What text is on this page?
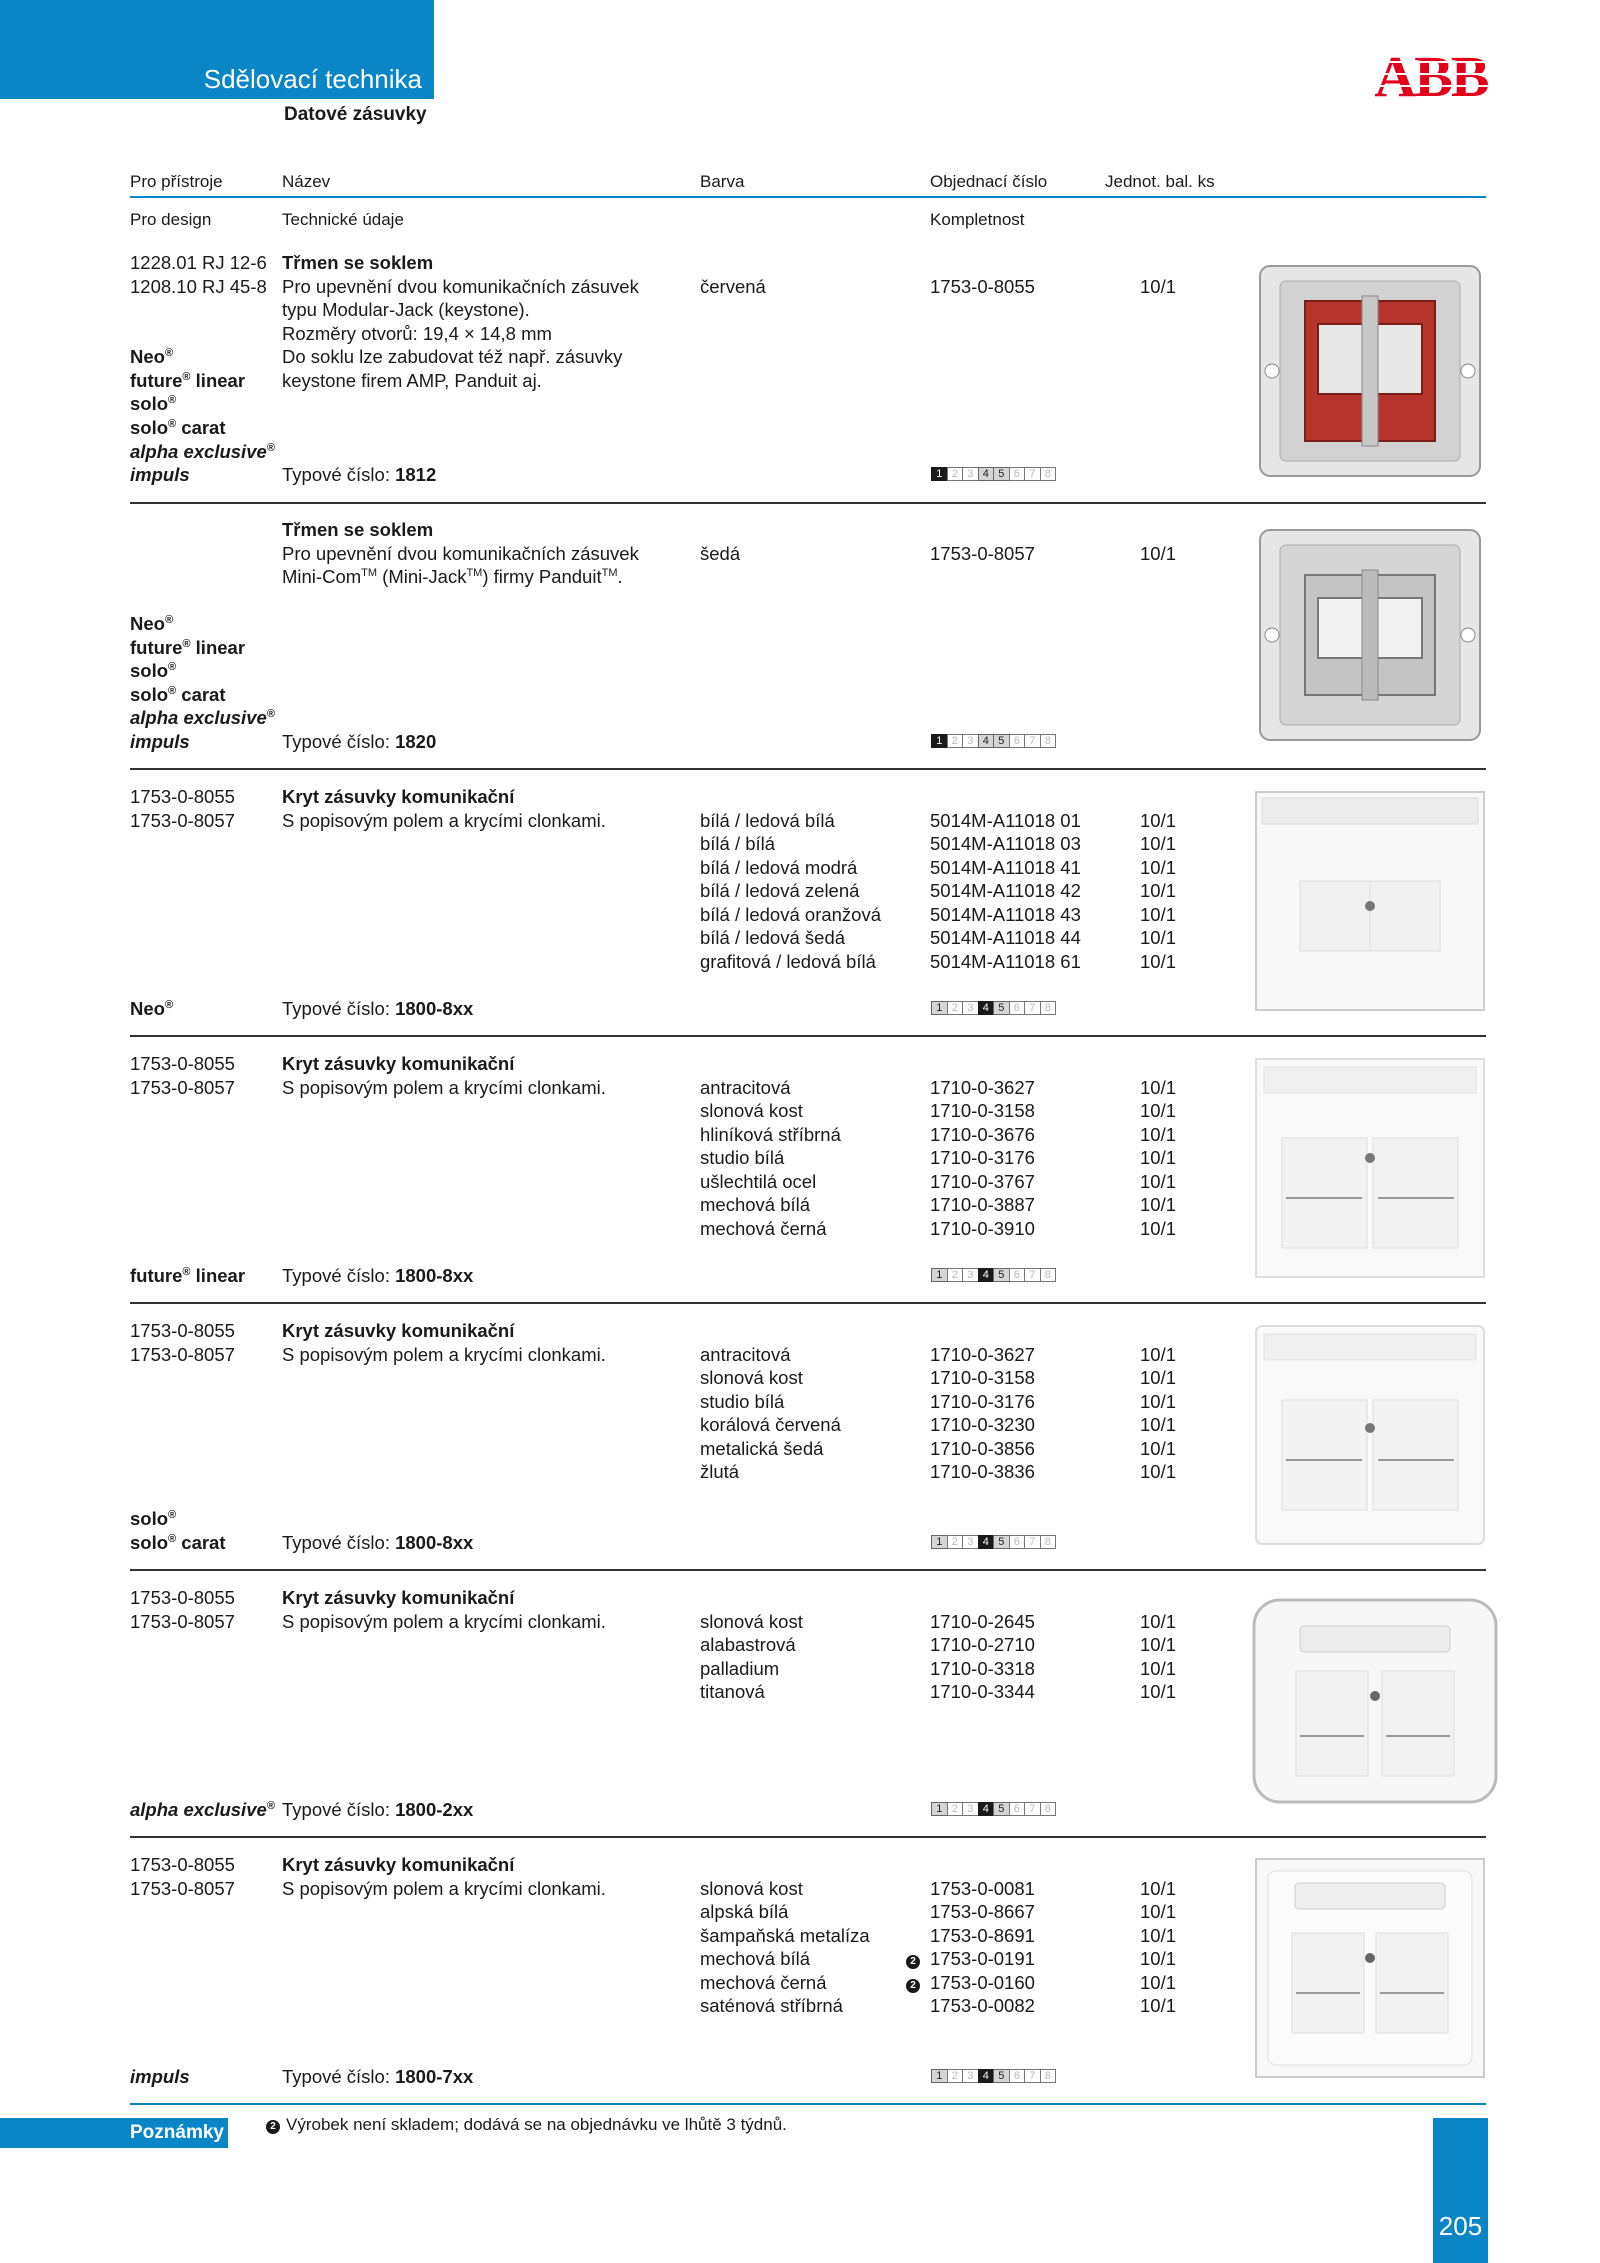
Sdělovací technika
Datové zásuvky
ABB
Pro přístroje	Název	Barva	Objednací číslo	Jednot. bal. ks
Pro design	Technické údaje	Kompletnost
1228.01 RJ 12-6
1208.10 RJ 45-8
Neo®
future® linear
solo®
solo® carat
alpha exclusive®
impuls
Třmen se soklem
Pro upevnění dvou komunikačních zásuvek
typu Modular-Jack (keystone).
Rozměry otvorů: 19,4 × 14,8 mm
Do soklu lze zabudovat též např. zásuvky
keystone firem AMP, Panduit aj.
Typové číslo: 1812
červená	1753-0-8055	10/1
1 2 3 4 5 6 7 8
Neo®
future® linear
solo®
solo® carat
alpha exclusive®
impuls
Třmen se soklem
Pro upevnění dvou komunikačních zásuvek
Mini-Com™ (Mini-Jack™) firmy Panduit™.
Typové číslo: 1820
šedá	1753-0-8057	10/1
1 2 3 4 5 6 7 8
1753-0-8055
1753-0-8057
Neo®
Kryt zásuvky komunikační
S popisovým polem a krycími clonkami.
Typové číslo: 1800-8xx
bílá / ledová bílá	5014M-A11018 01	10/1
bílá / bílá	5014M-A11018 03	10/1
bílá / ledová modrá	5014M-A11018 41	10/1
bílá / ledová zelená	5014M-A11018 42	10/1
bílá / ledová oranžová	5014M-A11018 43	10/1
bílá / ledová šedá	5014M-A11018 44	10/1
grafitová / ledová bílá	5014M-A11018 61	10/1
1 2 3 4 5 6 7 8
1753-0-8055
1753-0-8057
future® linear
Kryt zásuvky komunikační
S popisovým polem a krycími clonkami.
Typové číslo: 1800-8xx
antracitová	1710-0-3627	10/1
slonová kost	1710-0-3158	10/1
hliníková stříbrná	1710-0-3676	10/1
studio bílá	1710-0-3176	10/1
ušlechtilá ocel	1710-0-3767	10/1
mechová bílá	1710-0-3887	10/1
mechová černá	1710-0-3910	10/1
1 2 3 4 5 6 7 8
1753-0-8055
1753-0-8057
solo®
solo® carat
Kryt zásuvky komunikační
S popisovým polem a krycími clonkami.
Typové číslo: 1800-8xx
antracitová	1710-0-3627	10/1
slonová kost	1710-0-3158	10/1
studio bílá	1710-0-3176	10/1
korálová červená	1710-0-3230	10/1
metalická šedá	1710-0-3856	10/1
žlutá	1710-0-3836	10/1
1 2 3 4 5 6 7 8
1753-0-8055
1753-0-8057
alpha exclusive®
Kryt zásuvky komunikační
S popisovým polem a krycími clonkami.
Typové číslo: 1800-2xx
slonová kost	1710-0-2645	10/1
alabastrová	1710-0-2710	10/1
palladium	1710-0-3318	10/1
titanová	1710-0-3344	10/1
1 2 3 4 5 6 7 8
1753-0-8055
1753-0-8057
impuls
Kryt zásuvky komunikační
S popisovým polem a krycími clonkami.
Typové číslo: 1800-7xx
slonová kost	1753-0-0081	10/1
alpská bílá	1753-0-8667	10/1
šampaňská metalíza	1753-0-8691	10/1
mechová bílá	2 1753-0-0191	10/1
mechová černá	2 1753-0-0160	10/1
saténová stříbrná	1753-0-0082	10/1
1 2 3 4 5 6 7 8
Poznámky	2 Výrobek není skladem; dodává se na objednávku ve lhůtě 3 týdnů.
205
